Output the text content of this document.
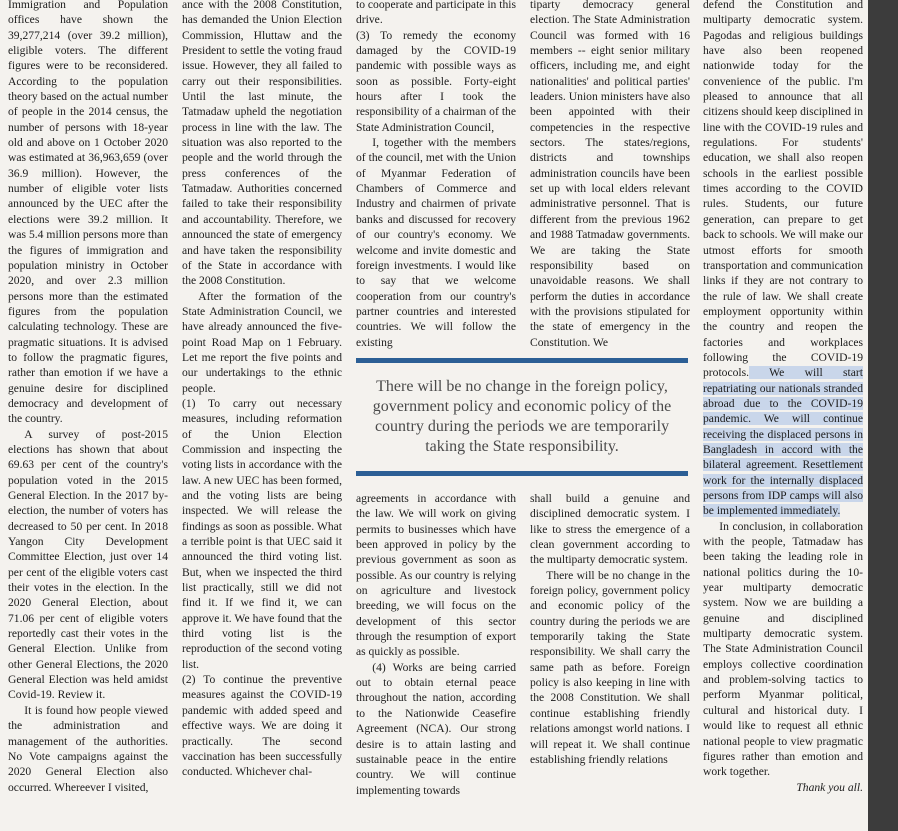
Immigration and Population offices have shown the 39,277,214 (over 39.2 million), eligible voters. The different figures were to be reconsidered. According to the population theory based on the actual number of people in the 2014 census, the number of persons with 18-year old and above on 1 October 2020 was estimated at 36,963,659 (over 36.9 million). However, the number of eligible voter lists announced by the UEC after the elections were 39.2 million. It was 5.4 million persons more than the figures of immigration and population ministry in October 2020, and over 2.3 million persons more than the estimated figures from the population calculating technology. These are pragmatic situations. It is advised to follow the pragmatic figures, rather than emotion if we have a genuine desire for disciplined democracy and development of the country.

A survey of post-2015 elections has shown that about 69.63 per cent of the country's population voted in the 2015 General Election. In the 2017 by-election, the number of voters has decreased to 50 per cent. In 2018 Yangon City Development Committee Election, just over 14 per cent of the eligible voters cast their votes in the election. In the 2020 General Election, about 71.06 per cent of eligible voters reportedly cast their votes in the General Election. Unlike from other General Elections, the 2020 General Election was held amidst Covid-19. Review it.

It is found how people viewed the administration and management of the authorities. No Vote campaigns against the 2020 General Election also occurred. Whereever I visited,

ance with the 2008 Constitution, has demanded the Union Election Commission, Hluttaw and the President to settle the voting fraud issue. However, they all failed to carry out their responsibilities. Until the last minute, the Tatmadaw upheld the negotiation process in line with the law. The situation was also reported to the people and the world through the press conferences of the Tatmadaw. Authorities concerned failed to take their responsibility and accountability. Therefore, we announced the state of emergency and have taken the responsibility of the State in accordance with the 2008 Constitution.

After the formation of the State Administration Council, we have already announced the five-point Road Map on 1 February. Let me report the five points and our undertakings to the ethnic people.

(1) To carry out necessary measures, including reformation of the Union Election Commission and inspecting the voting lists in accordance with the law. A new UEC has been formed, and the voting lists are being inspected. We will release the findings as soon as possible. What a terrible point is that UEC said it announced the third voting list. But, when we inspected the third list practically, still we did not find it. If we find it, we can approve it. We have found that the third voting list is the reproduction of the second voting list.

(2) To continue the preventive measures against the COVID-19 pandemic with added speed and effective ways. We are doing it practically. The second vaccination has been successfully conducted. Whichever chal-

to cooperate and participate in this drive.

(3) To remedy the economy damaged by the COVID-19 pandemic with possible ways as soon as possible. Forty-eight hours after I took the responsibility of a chairman of the State Administration Council,

I, together with the members of the council, met with the Union of Myanmar Federation of Chambers of Commerce and Industry and chairmen of private banks and discussed for recovery of our country's economy. We welcome and invite domestic and foreign investments. I would like to say that we welcome cooperation from our country's partner countries and interested countries. We will follow the existing

tiparty democracy general election. The State Administration Council was formed with 16 members -- eight senior military officers, including me, and eight nationalities' and political parties' leaders. Union ministers have also been appointed with their competencies in the respective sectors. The states/regions, districts and townships administration councils have been set up with local elders relevant administrative personnel. That is different from the previous 1962 and 1988 Tatmadaw governments. We are taking the State responsibility based on unavoidable reasons. We shall perform the duties in accordance with the provisions stipulated for the state of emergency in the Constitution. We

There will be no change in the foreign policy, government policy and economic policy of the country during the periods we are temporarily taking the State responsibility.

agreements in accordance with the law. We will work on giving permits to businesses which have been approved in policy by the previous government as soon as possible. As our country is relying on agriculture and livestock breeding, we will focus on the development of this sector through the resumption of export as quickly as possible.

(4) Works are being carried out to obtain eternal peace throughout the nation, according to the Nationwide Ceasefire Agreement (NCA). Our strong desire is to attain lasting and sustainable peace in the entire country. We will continue implementing towards

shall build a genuine and disciplined democratic system. I like to stress the emergence of a clean government according to the multiparty democratic system.

There will be no change in the foreign policy, government policy and economic policy of the country during the periods we are temporarily taking the State responsibility. We shall carry the same path as before. Foreign policy is also keeping in line with the 2008 Constitution. We shall continue establishing friendly relations amongst world nations. I will repeat it. We shall continue establishing friendly relations

defend the Constitution and multiparty democratic system. Pagodas and religious buildings have also been reopened nationwide today for the convenience of the public. I'm pleased to announce that all citizens should keep disciplined in line with the COVID-19 rules and regulations. For students' education, we shall also reopen schools in the earliest possible times according to the COVID rules. Students, our future generation, can prepare to get back to schools. We will make our utmost efforts for smooth transportation and communication links if they are not contrary to the rule of law. We shall create employment opportunity within the country and reopen the factories and workplaces following the COVID-19 protocols. We will start repatriating our nationals stranded abroad due to the COVID-19 pandemic. We will continue receiving the displaced persons in Bangladesh in accord with the bilateral agreement. Resettlement work for the internally displaced persons from IDP camps will also be implemented immediately.

In conclusion, in collaboration with the people, Tatmadaw has been taking the leading role in national politics during the 10-year multiparty democratic system. Now we are building a genuine and disciplined multiparty democratic system. The State Administration Council employs collective coordination and problem-solving tactics to perform Myanmar political, cultural and historical duty. I would like to request all ethnic national people to view pragmatic figures rather than emotion and work together.

Thank you all.
